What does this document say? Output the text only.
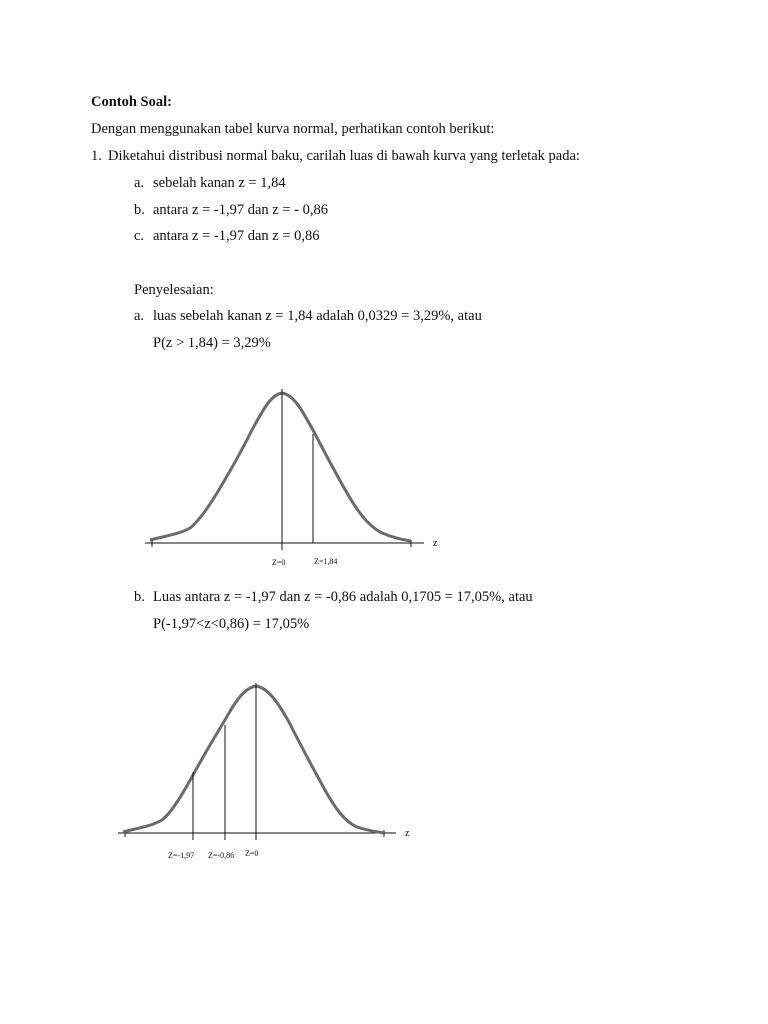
Contoh Soal:
Dengan menggunakan tabel kurva normal, perhatikan contoh berikut:
1. Diketahui distribusi normal baku, carilah luas di bawah kurva yang terletak pada:
a. sebelah kanan z = 1,84
b. antara z = -1,97 dan z = - 0,86
c. antara z = -1,97 dan z = 0,86
Penyelesaian:
a. luas sebelah kanan z = 1,84 adalah 0,0329 = 3,29%, atau
P(z > 1,84) = 3,29%
b. Luas antara z = -1,97 dan z = -0,86 adalah 0,1705 = 17,05%, atau
P(-1,97<z<0,86) = 17,05%
z
Z=0	Z=1,84
z
Z=-1,97 Z=-0,86 Z=0
